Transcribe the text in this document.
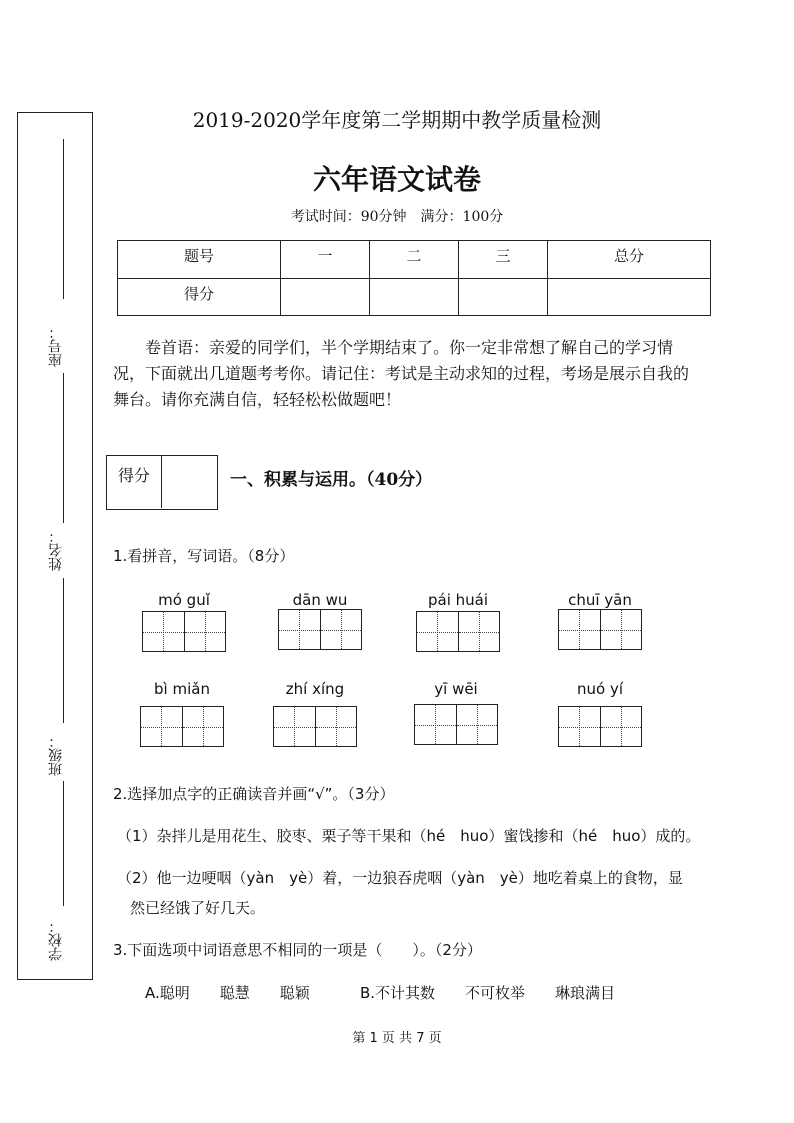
座号：
姓名：
班级：
学校：
2019-2020学年度第二学期期中教学质量检测
六年语文试卷
考试时间：90分钟　满分：100分
题号	一	二	三	总分
得分				
卷首语：亲爱的同学们，半个学期结束了。你一定非常想了解自己的学习情况，下面就出几道题考考你。请记住：考试是主动求知的过程，考场是展示自我的舞台。请你充满自信，轻轻松松做题吧！
得分	一、积累与运用。（40分）
1.看拼音，写词语。（8分）
mó guǐ	dān wu	pái huái	chuī yān
bì miǎn	zhí xíng	yī wēi	nuó yí
2.选择加点字的正确读音并画“√”。（3分）
（1）杂拌儿是用花生、胶枣、栗子等干果和（hé　huo）蜜饯掺和（hé　huo）成的。
（2）他一边哽咽（yàn　yè）着，一边狼吞虎咽（yàn　yè）地吃着桌上的食物，显
然已经饿了好几天。
3.下面选项中词语意思不相同的一项是（　　）。（2分）
A.聪明　　聪慧　　聪颖	B.不计其数　　不可枚举　　琳琅满目
第 1 页 共 7 页
